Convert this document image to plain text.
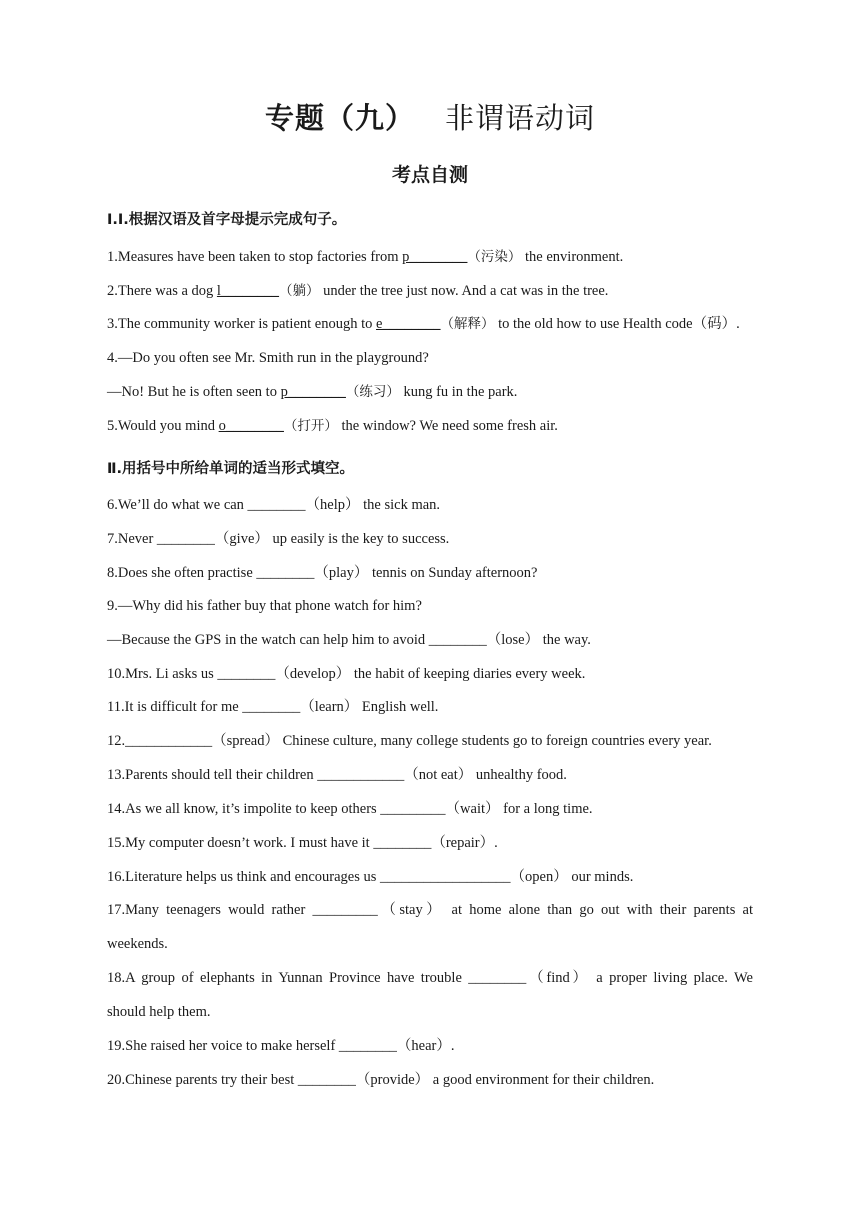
专题（九） 非谓语动词
考点自测
Ⅰ.Ⅰ.根据汉语及首字母提示完成句子。
1.Measures have been taken to stop factories from p________（污染） the environment.
2.There was a dog l________（躺） under the tree just now. And a cat was in the tree.
3.The community worker is patient enough to e________（解释） to the old how to use Health code（码）.
4.—Do you often see Mr. Smith run in the playground?
—No! But he is often seen to p________（练习） kung fu in the park.
5.Would you mind o________（打开） the window? We need some fresh air.
Ⅱ.用括号中所给单词的适当形式填空。
6.We’ll do what we can ________（help） the sick man.
7.Never ________（give） up easily is the key to success.
8.Does she often practise ________（play） tennis on Sunday afternoon?
9.—Why did his father buy that phone watch for him?
—Because the GPS in the watch can help him to avoid ________（lose） the way.
10.Mrs. Li asks us ________（develop） the habit of keeping diaries every week.
11.It is difficult for me ________（learn） English well.
12.____________（spread） Chinese culture, many college students go to foreign countries every year.
13.Parents should tell their children ____________（not eat） unhealthy food.
14.As we all know, it’s impolite to keep others _________（wait） for a long time.
15.My computer doesn’t work. I must have it ________（repair）.
16.Literature helps us think and encourages us __________________（open） our minds.
17.Many teenagers would rather _________（stay） at home alone than go out with their parents at
weekends.
18.A group of elephants in Yunnan Province have trouble ________（find） a proper living place. We
should help them.
19.She raised her voice to make herself ________（hear）.
20.Chinese parents try their best ________（provide） a good environment for their children.
